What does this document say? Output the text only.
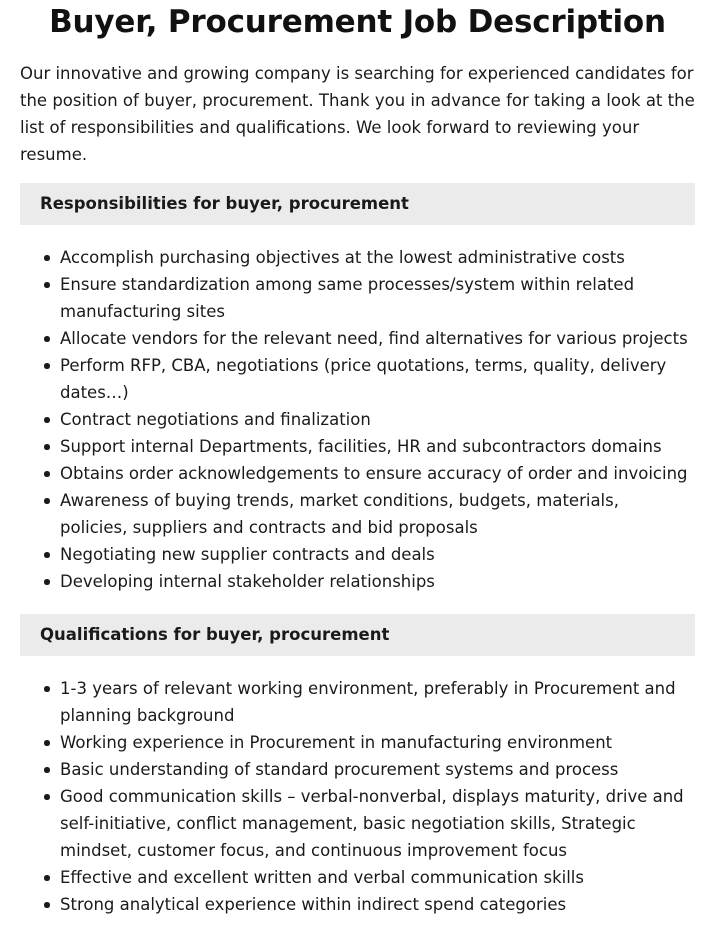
Buyer, Procurement Job Description

Our innovative and growing company is searching for experienced candidates for the position of buyer, procurement. Thank you in advance for taking a look at the list of responsibilities and qualifications. We look forward to reviewing your resume.

Responsibilities for buyer, procurement
Accomplish purchasing objectives at the lowest administrative costs
Ensure standardization among same processes/system within related manufacturing sites
Allocate vendors for the relevant need, find alternatives for various projects
Perform RFP, CBA, negotiations (price quotations, terms, quality, delivery dates…)
Contract negotiations and finalization
Support internal Departments, facilities, HR and subcontractors domains
Obtains order acknowledgements to ensure accuracy of order and invoicing
Awareness of buying trends, market conditions, budgets, materials, policies, suppliers and contracts and bid proposals
Negotiating new supplier contracts and deals
Developing internal stakeholder relationships
Qualifications for buyer, procurement
1-3 years of relevant working environment, preferably in Procurement and planning background
Working experience in Procurement in manufacturing environment
Basic understanding of standard procurement systems and process
Good communication skills – verbal-nonverbal, displays maturity, drive and self-initiative, conflict management, basic negotiation skills, Strategic mindset, customer focus, and continuous improvement focus
Effective and excellent written and verbal communication skills
Strong analytical experience within indirect spend categories
